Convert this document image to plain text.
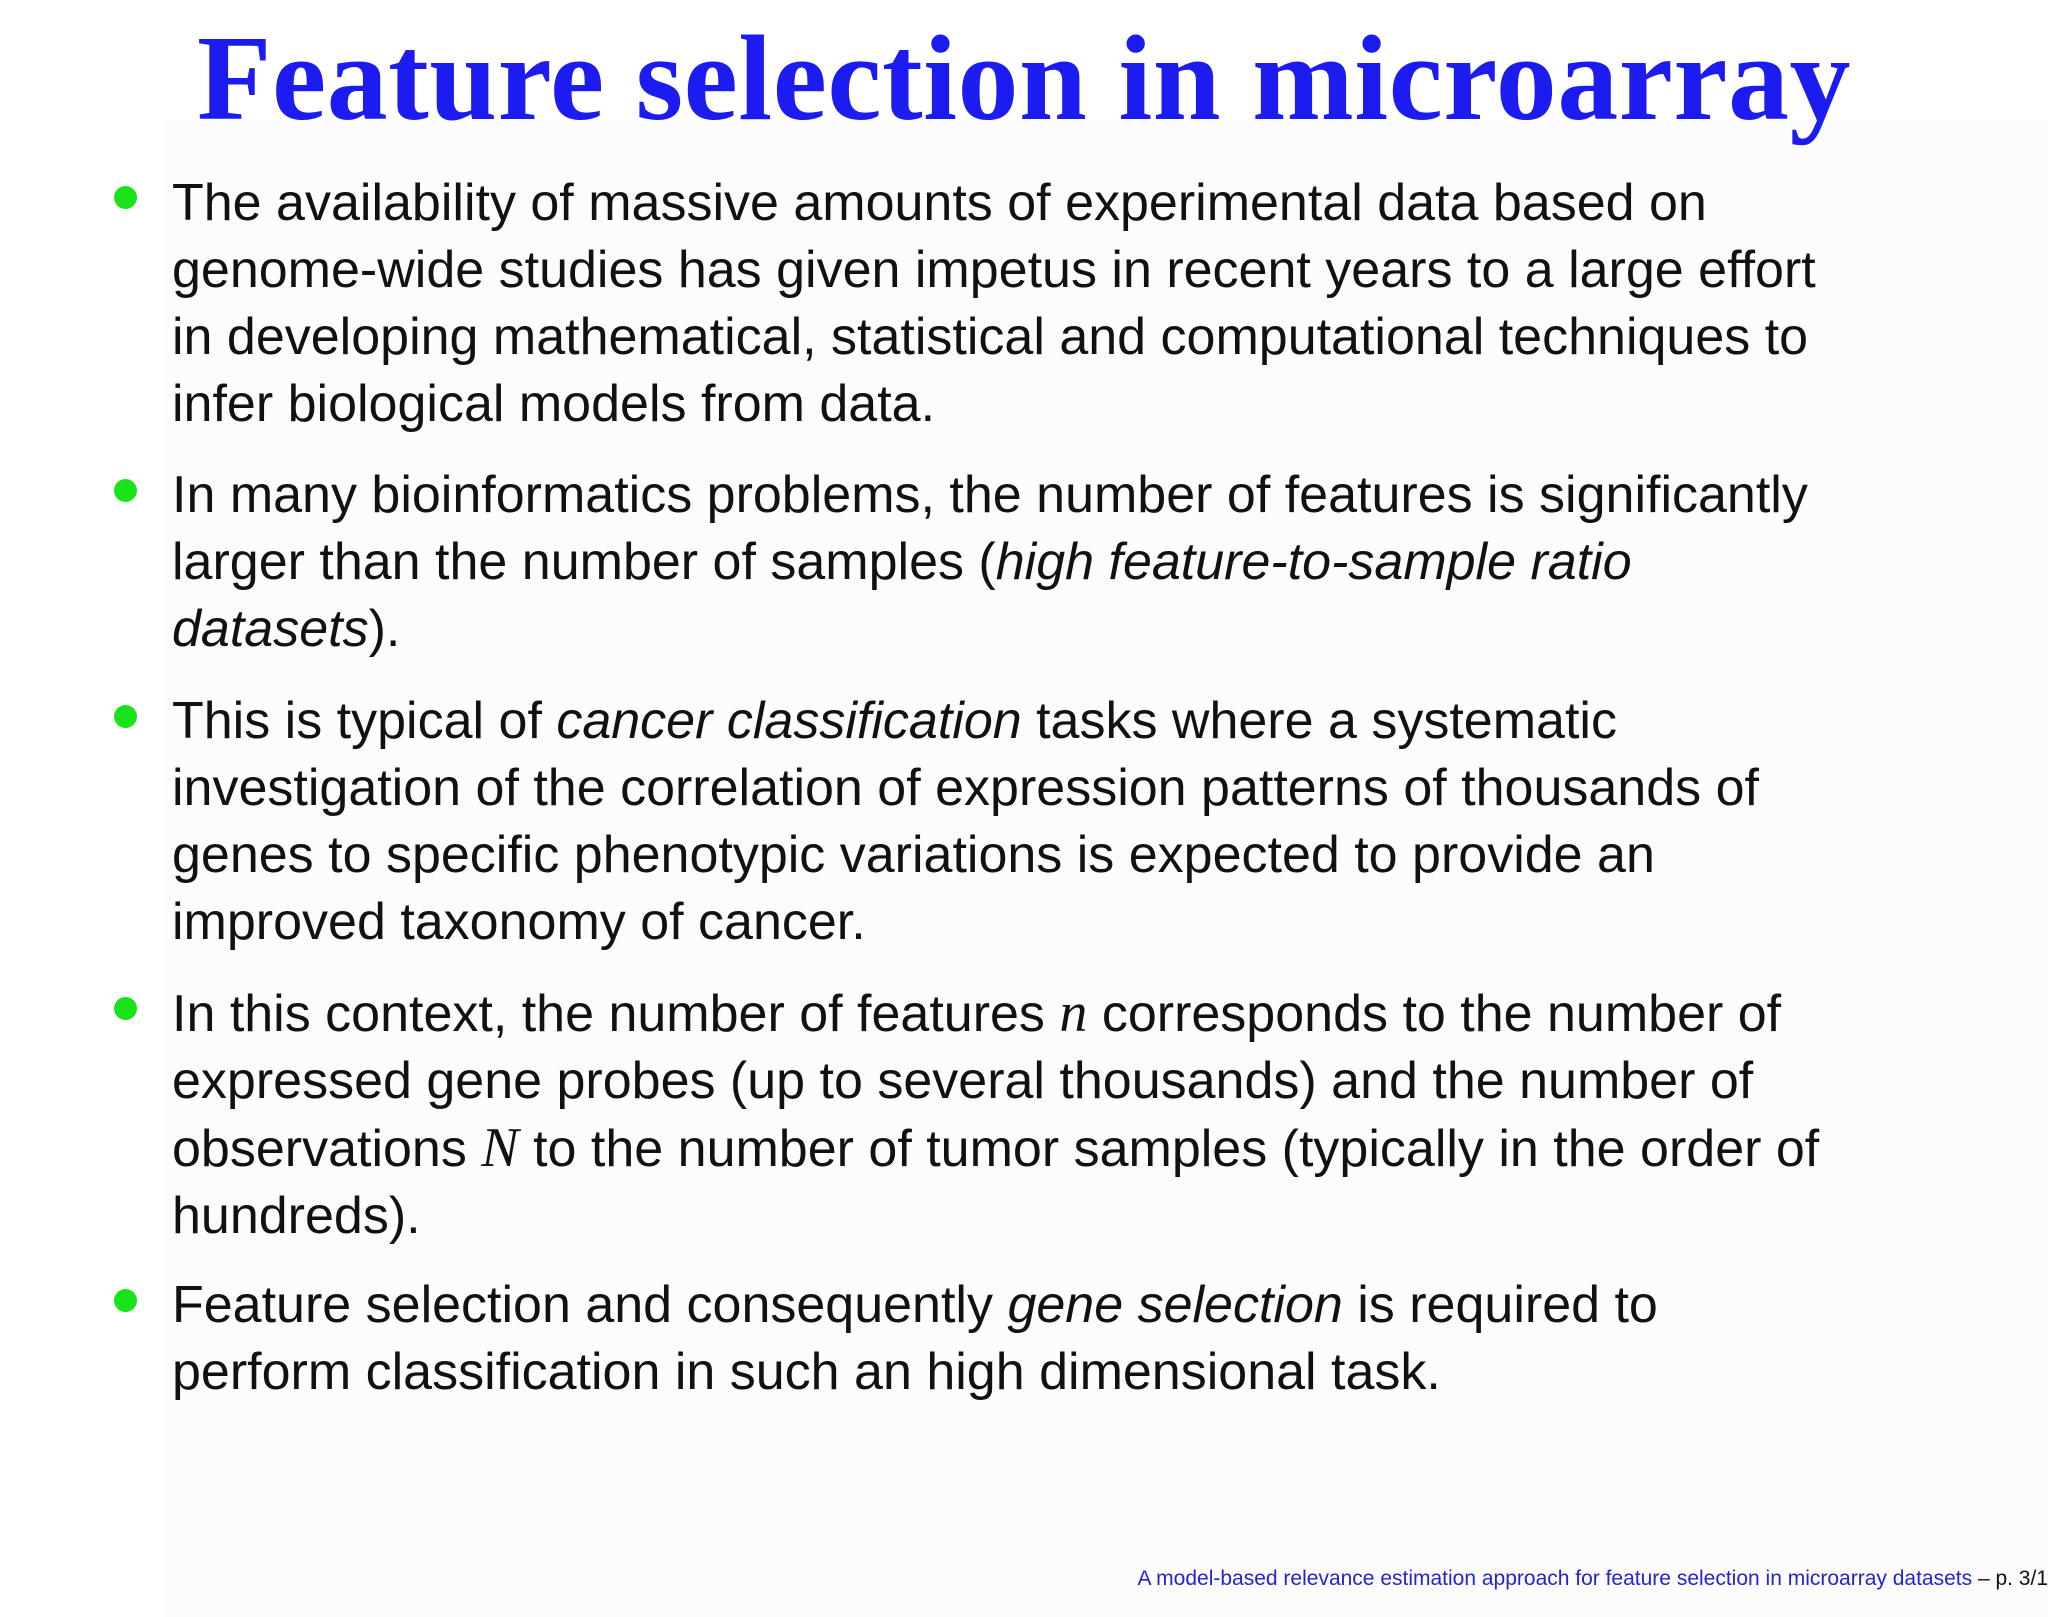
Feature selection in microarray
The availability of massive amounts of experimental data based on
genome-wide studies has given impetus in recent years to a large effort
in developing mathematical, statistical and computational techniques to
infer biological models from data.
In many bioinformatics problems, the number of features is significantly
larger than the number of samples (high feature-to-sample ratio
datasets).
This is typical of cancer classification tasks where a systematic
investigation of the correlation of expression patterns of thousands of
genes to specific phenotypic variations is expected to provide an
improved taxonomy of cancer.
In this context, the number of features n corresponds to the number of
expressed gene probes (up to several thousands) and the number of
observations N to the number of tumor samples (typically in the order of
hundreds).
Feature selection and consequently gene selection is required to
perform classification in such an high dimensional task.
A model-based relevance estimation approach for feature selection in microarray datasets – p. 3/1
